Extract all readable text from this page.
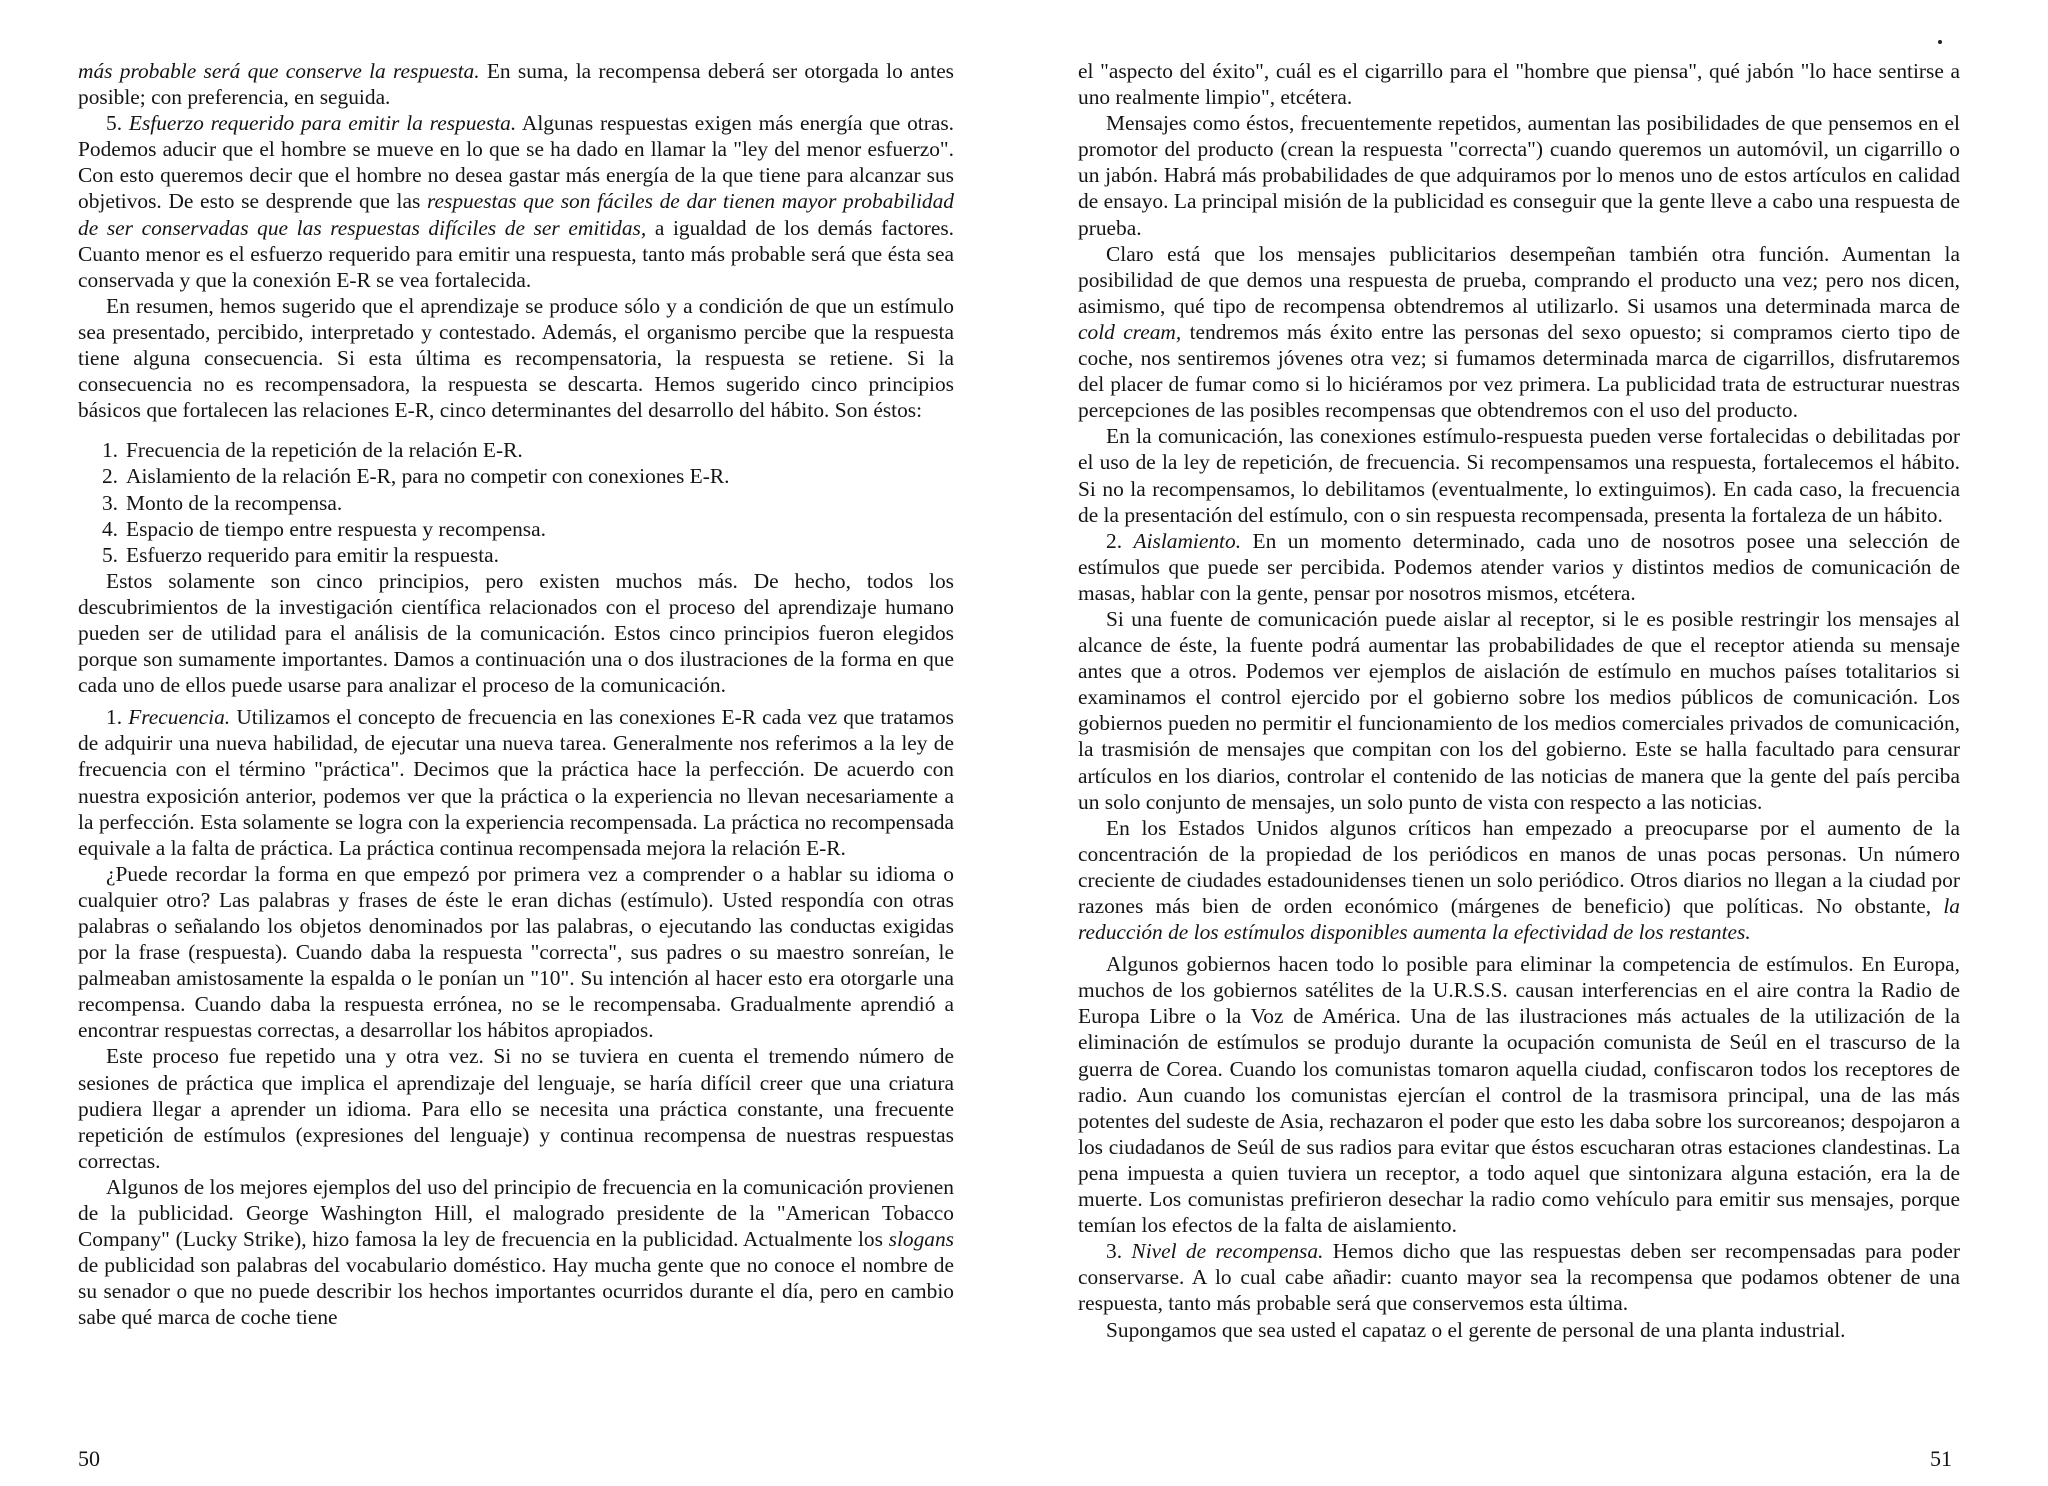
más probable será que conserve la respuesta. En suma, la recompensa deberá ser otorgada lo antes posible; con preferencia, en seguida.

5. Esfuerzo requerido para emitir la respuesta. Algunas respuestas exigen más energía que otras. Podemos aducir que el hombre se mueve en lo que se ha dado en llamar la "ley del menor esfuerzo". Con esto queremos decir que el hombre no desea gastar más energía de la que tiene para alcanzar sus objetivos. De esto se desprende que las respuestas que son fáciles de dar tienen mayor probabilidad de ser conservadas que las respuestas difíciles de ser emitidas, a igualdad de los demás factores. Cuanto menor es el esfuerzo requerido para emitir una respuesta, tanto más probable será que ésta sea conservada y que la conexión E-R se vea fortalecida.

En resumen, hemos sugerido que el aprendizaje se produce sólo y a condición de que un estímulo sea presentado, percibido, interpretado y contestado. Además, el organismo percibe que la respuesta tiene alguna consecuencia. Si esta última es recompensatoria, la respuesta se retiene. Si la consecuencia no es recompensadora, la respuesta se descarta. Hemos sugerido cinco principios básicos que fortalecen las relaciones E-R, cinco determinantes del desarrollo del hábito. Son éstos:

1. Frecuencia de la repetición de la relación E-R.
2. Aislamiento de la relación E-R, para no competir con conexiones E-R.
3. Monto de la recompensa.
4. Espacio de tiempo entre respuesta y recompensa.
5. Esfuerzo requerido para emitir la respuesta.

Estos solamente son cinco principios, pero existen muchos más. De hecho, todos los descubrimientos de la investigación científica relacionados con el proceso del aprendizaje humano pueden ser de utilidad para el análisis de la comunicación. Estos cinco principios fueron elegidos porque son sumamente importantes. Damos a continuación una o dos ilustraciones de la forma en que cada uno de ellos puede usarse para analizar el proceso de la comunicación.

1. Frecuencia. Utilizamos el concepto de frecuencia en las conexiones E-R cada vez que tratamos de adquirir una nueva habilidad, de ejecutar una nueva tarea. Generalmente nos referimos a la ley de frecuencia con el término "práctica". Decimos que la práctica hace la perfección. De acuerdo con nuestra exposición anterior, podemos ver que la práctica o la experiencia no llevan necesariamente a la perfección. Esta solamente se logra con la experiencia recompensada. La práctica no recompensada equivale a la falta de práctica. La práctica continua recompensada mejora la relación E-R.

¿Puede recordar la forma en que empezó por primera vez a comprender o a hablar su idioma o cualquier otro? Las palabras y frases de éste le eran dichas (estímulo). Usted respondía con otras palabras o señalando los objetos denominados por las palabras, o ejecutando las conductas exigidas por la frase (respuesta). Cuando daba la respuesta "correcta", sus padres o su maestro sonreían, le palmeaban amistosamente la espalda o le ponían un "10". Su intención al hacer esto era otorgarle una recompensa. Cuando daba la respuesta errónea, no se le recompensaba. Gradualmente aprendió a encontrar respuestas correctas, a desarrollar los hábitos apropiados.

Este proceso fue repetido una y otra vez. Si no se tuviera en cuenta el tremendo número de sesiones de práctica que implica el aprendizaje del lenguaje, se haría difícil creer que una criatura pudiera llegar a aprender un idioma. Para ello se necesita una práctica constante, una frecuente repetición de estímulos (expresiones del lenguaje) y continua recompensa de nuestras respuestas correctas.

Algunos de los mejores ejemplos del uso del principio de frecuencia en la comunicación provienen de la publicidad. George Washington Hill, el malogrado presidente de la "American Tobacco Company" (Lucky Strike), hizo famosa la ley de frecuencia en la publicidad. Actualmente los slogans de publicidad son palabras del vocabulario doméstico. Hay mucha gente que no conoce el nombre de su senador o que no puede describir los hechos importantes ocurridos durante el día, pero en cambio sabe qué marca de coche tiene

50

el "aspecto del éxito", cuál es el cigarrillo para el "hombre que piensa", qué jabón "lo hace sentirse a uno realmente limpio", etcétera.

Mensajes como éstos, frecuentemente repetidos, aumentan las posibilidades de que pensemos en el promotor del producto (crean la respuesta "correcta") cuando queremos un automóvil, un cigarrillo o un jabón. Habrá más probabilidades de que adquiramos por lo menos uno de estos artículos en calidad de ensayo. La principal misión de la publicidad es conseguir que la gente lleve a cabo una respuesta de prueba.

Claro está que los mensajes publicitarios desempeñan también otra función. Aumentan la posibilidad de que demos una respuesta de prueba, comprando el producto una vez; pero nos dicen, asimismo, qué tipo de recompensa obtendremos al utilizarlo. Si usamos una determinada marca de cold cream, tendremos más éxito entre las personas del sexo opuesto; si compramos cierto tipo de coche, nos sentiremos jóvenes otra vez; si fumamos determinada marca de cigarrillos, disfrutaremos del placer de fumar como si lo hiciéramos por vez primera. La publicidad trata de estructurar nuestras percepciones de las posibles recompensas que obtendremos con el uso del producto.

En la comunicación, las conexiones estímulo-respuesta pueden verse fortalecidas o debilitadas por el uso de la ley de repetición, de frecuencia. Si recompensamos una respuesta, fortalecemos el hábito. Si no la recompensamos, lo debilitamos (eventualmente, lo extinguimos). En cada caso, la frecuencia de la presentación del estímulo, con o sin respuesta recompensada, presenta la fortaleza de un hábito.

2. Aislamiento. En un momento determinado, cada uno de nosotros posee una selección de estímulos que puede ser percibida. Podemos atender varios y distintos medios de comunicación de masas, hablar con la gente, pensar por nosotros mismos, etcétera.

Si una fuente de comunicación puede aislar al receptor, si le es posible restringir los mensajes al alcance de éste, la fuente podrá aumentar las probabilidades de que el receptor atienda su mensaje antes que a otros. Podemos ver ejemplos de aislación de estímulo en muchos países totalitarios si examinamos el control ejercido por el gobierno sobre los medios públicos de comunicación. Los gobiernos pueden no permitir el funcionamiento de los medios comerciales privados de comunicación, la trasmisión de mensajes que compitan con los del gobierno. Este se halla facultado para censurar artículos en los diarios, controlar el contenido de las noticias de manera que la gente del país perciba un solo conjunto de mensajes, un solo punto de vista con respecto a las noticias.

En los Estados Unidos algunos críticos han empezado a preocuparse por el aumento de la concentración de la propiedad de los periódicos en manos de unas pocas personas. Un número creciente de ciudades estadounidenses tienen un solo periódico. Otros diarios no llegan a la ciudad por razones más bien de orden económico (márgenes de beneficio) que políticas. No obstante, la reducción de los estímulos disponibles aumenta la efectividad de los restantes.

Algunos gobiernos hacen todo lo posible para eliminar la competencia de estímulos. En Europa, muchos de los gobiernos satélites de la U.R.S.S. causan interferencias en el aire contra la Radio de Europa Libre o la Voz de América. Una de las ilustraciones más actuales de la utilización de la eliminación de estímulos se produjo durante la ocupación comunista de Seúl en el trascurso de la guerra de Corea. Cuando los comunistas tomaron aquella ciudad, confiscaron todos los receptores de radio. Aun cuando los comunistas ejercían el control de la trasmisora principal, una de las más potentes del sudeste de Asia, rechazaron el poder que esto les daba sobre los surcoreanos; despojaron a los ciudadanos de Seúl de sus radios para evitar que éstos escucharan otras estaciones clandestinas. La pena impuesta a quien tuviera un receptor, a todo aquel que sintonizara alguna estación, era la de muerte. Los comunistas prefirieron desechar la radio como vehículo para emitir sus mensajes, porque temían los efectos de la falta de aislamiento.

3. Nivel de recompensa. Hemos dicho que las respuestas deben ser recompensadas para poder conservarse. A lo cual cabe añadir: cuanto mayor sea la recompensa que podamos obtener de una respuesta, tanto más probable será que conservemos esta última.

Supongamos que sea usted el capataz o el gerente de personal de una planta industrial.

51
